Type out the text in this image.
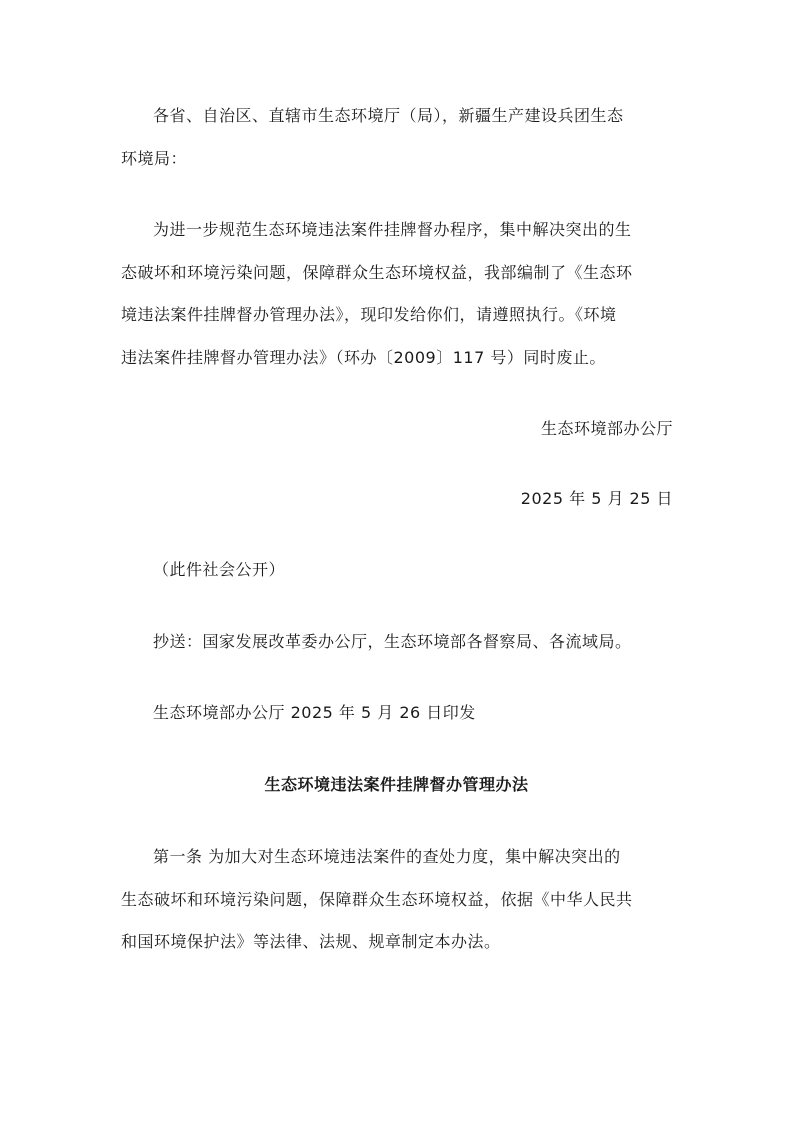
各省、自治区、直辖市生态环境厅（局），新疆生产建设兵团生态
环境局：
为进一步规范生态环境违法案件挂牌督办程序，集中解决突出的生
态破坏和环境污染问题，保障群众生态环境权益，我部编制了《生态环
境违法案件挂牌督办管理办法》，现印发给你们，请遵照执行。《环境
违法案件挂牌督办管理办法》（环办〔2009〕117 号）同时废止。
生态环境部办公厅
2025 年 5 月 25 日
（此件社会公开）
抄送：国家发展改革委办公厅，生态环境部各督察局、各流域局。
生态环境部办公厅 2025 年 5 月 26 日印发
生态环境违法案件挂牌督办管理办法
第一条 为加大对生态环境违法案件的查处力度，集中解决突出的
生态破坏和环境污染问题，保障群众生态环境权益，依据《中华人民共
和国环境保护法》等法律、法规、规章制定本办法。
